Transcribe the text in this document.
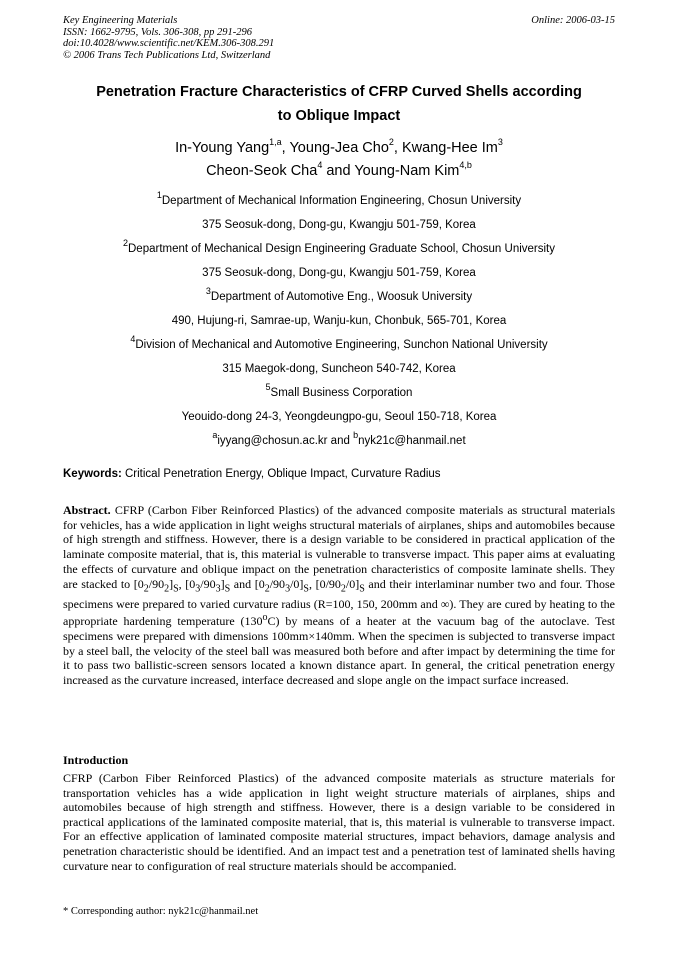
Key Engineering Materials	Online: 2006-03-15
ISSN: 1662-9795, Vols. 306-308, pp 291-296
doi:10.4028/www.scientific.net/KEM.306-308.291
© 2006 Trans Tech Publications Ltd, Switzerland
Penetration Fracture Characteristics of CFRP Curved Shells according
to Oblique Impact
In-Young Yang$^{1,a}$, Young-Jea Cho$^2$, Kwang-Hee Im$^3$
Cheon-Seok Cha$^4$ and Young-Nam Kim$^{4,b}$
$^1$Department of Mechanical Information Engineering, Chosun University
375 Seosuk-dong, Dong-gu, Kwangju 501-759, Korea
$^2$Department of Mechanical Design Engineering Graduate School, Chosun University
375 Seosuk-dong, Dong-gu, Kwangju 501-759, Korea
$^3$Department of Automotive Eng., Woosuk University
490, Hujung-ri, Samrae-up, Wanju-kun, Chonbuk, 565-701, Korea
$^4$Division of Mechanical and Automotive Engineering, Sunchon National University
315 Maegok-dong, Suncheon 540-742, Korea
$^5$Small Business Corporation
Yeouido-dong 24-3, Yeongdeungpo-gu, Seoul 150-718, Korea
$^a$iyyang@chosun.ac.kr and $^b$nyk21c@hanmail.net
Keywords: Critical Penetration Energy, Oblique Impact, Curvature Radius
Abstract. CFRP (Carbon Fiber Reinforced Plastics) of the advanced composite materials as structural materials for vehicles, has a wide application in light weighs structural materials of airplanes, ships and automobiles because of high strength and stiffness. However, there is a design variable to be considered in practical application of the laminate composite material, that is, this material is vulnerable to transverse impact. This paper aims at evaluating the effects of curvature and oblique impact on the penetration characteristics of composite laminate shells. They are stacked to $[0_2/90_2]_S$, $[0_3/90_3]_S$ and $[0_2/90_3/0]_S$, $[0/90_2/0]_S$ and their interlaminar number two and four. Those specimens were prepared to varied curvature radius (R=100, 150, 200mm and ∞). They are cured by heating to the appropriate hardening temperature (130$^o$C) by means of a heater at the vacuum bag of the autoclave. Test specimens were prepared with dimensions 100mm×140mm. When the specimen is subjected to transverse impact by a steel ball, the velocity of the steel ball was measured both before and after impact by determining the time for it to pass two ballistic-screen sensors located a known distance apart. In general, the critical penetration energy increased as the curvature increased, interface decreased and slope angle on the impact surface increased.
Introduction
CFRP (Carbon Fiber Reinforced Plastics) of the advanced composite materials as structure materials for transportation vehicles has a wide application in light weight structure materials of airplanes, ships and automobiles because of high strength and stiffness. However, there is a design variable to be considered in practical applications of the laminated composite material, that is, this material is vulnerable to transverse impact. For an effective application of laminated composite material structures, impact behaviors, damage analysis and penetration characteristic should be identified. And an impact test and a penetration test of laminated shells having curvature near to configuration of real structure materials should be accompanied.
* Corresponding author: nyk21c@hanmail.net
